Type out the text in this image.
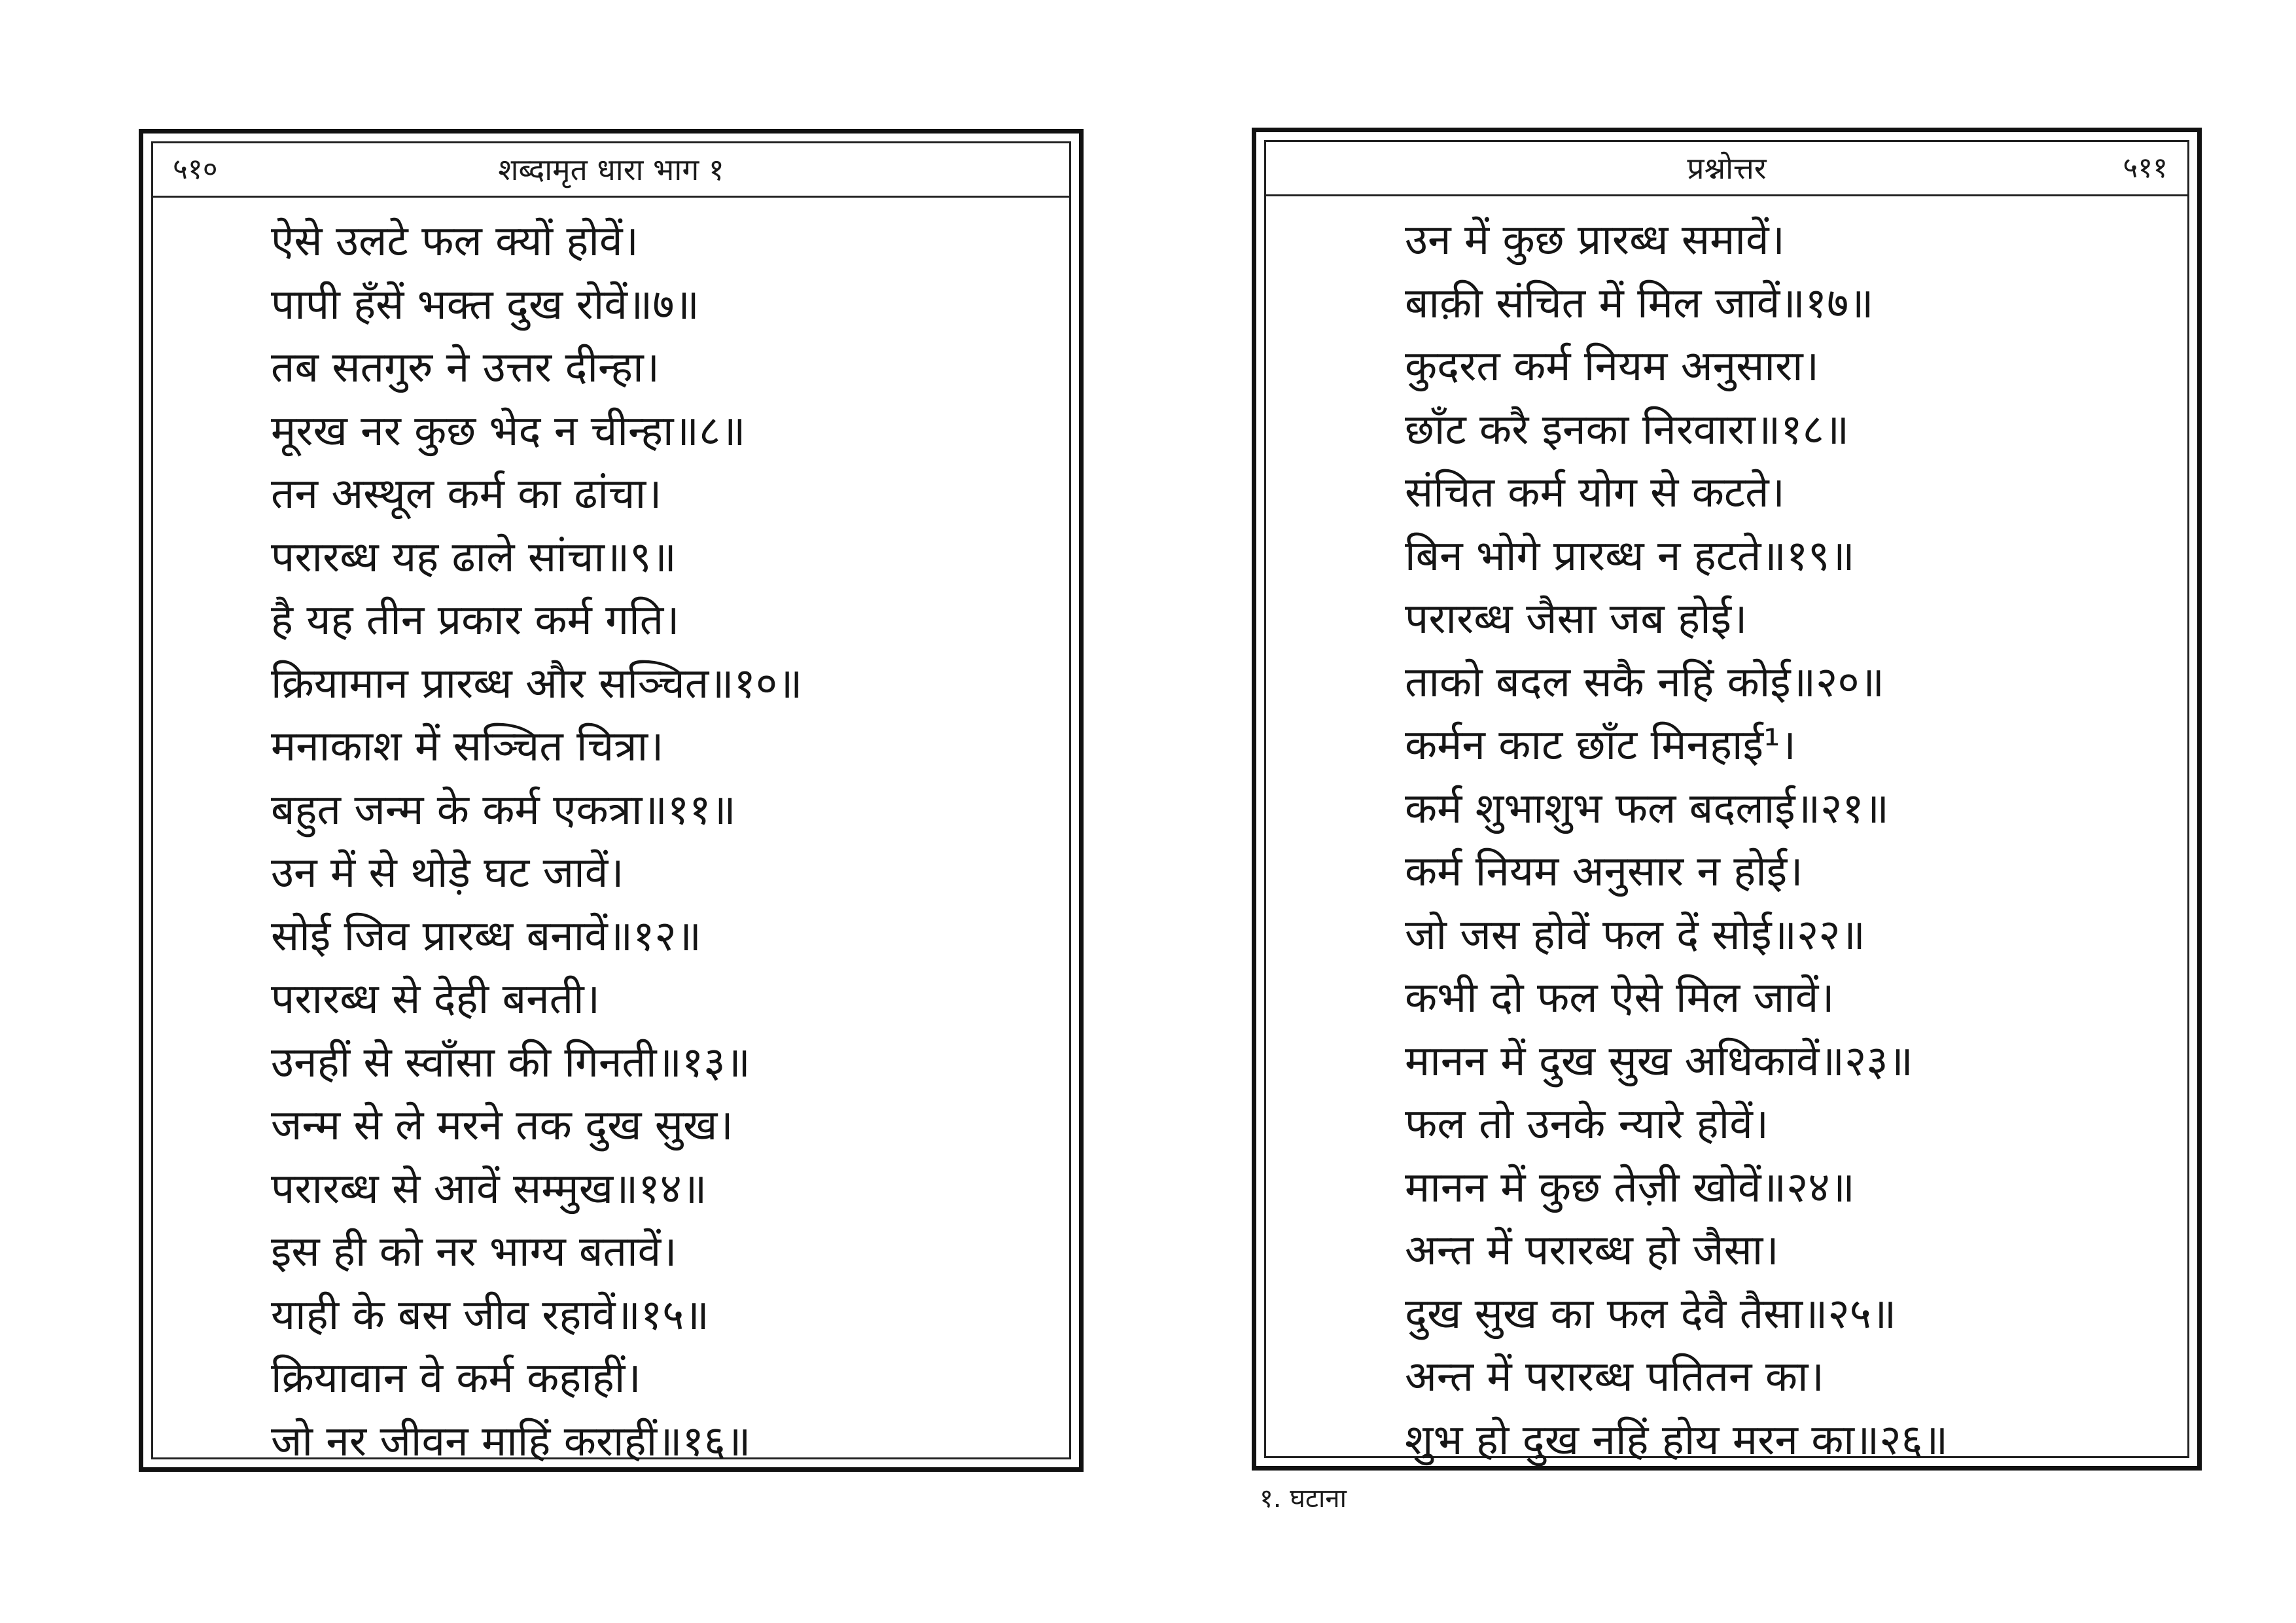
५१०	शब्दामृत धारा भाग १
ऐसे उलटे फल क्यों होवें।
पापी हँसें भक्त दुख रोवें॥७॥
तब सतगुरु ने उत्तर दीन्हा।
मूरख नर कुछ भेद न चीन्हा॥८॥
तन अस्थूल कर्म का ढांचा।
परारब्ध यह ढाले सांचा॥९॥
है यह तीन प्रकार कर्म गति।
क्रियामान प्रारब्ध और सञ्चित॥१०॥
मनाकाश में सञ्चित चित्रा।
बहुत जन्म के कर्म एकत्रा॥११॥
उन में से थोड़े घट जावें।
सोई जिव प्रारब्ध बनावें॥१२॥
परारब्ध से देही बनती।
उनहीं से स्वाँसा की गिनती॥१३॥
जन्म से ले मरने तक दुख सुख।
परारब्ध से आवें सम्मुख॥१४॥
इस ही को नर भाग्य बतावें।
याही के बस जीव रहावें॥१५॥
क्रियावान वे कर्म कहाहीं।
जो नर जीवन माहिं कराहीं॥१६॥
प्रश्नोत्तर	५११
उन में कुछ प्रारब्ध समावें।
बाक़ी संचित में मिल जावें॥१७॥
कुदरत कर्म नियम अनुसारा।
छाँट करै इनका निरवारा॥१८॥
संचित कर्म योग से कटते।
बिन भोगे प्रारब्ध न हटते॥१९॥
परारब्ध जैसा जब होई।
ताको बदल सकै नहिं कोई॥२०॥
कर्मन काट छाँट मिनहाई¹।
कर्म शुभाशुभ फल बदलाई॥२१॥
कर्म नियम अनुसार न होई।
जो जस होवें फल दें सोई॥२२॥
कभी दो फल ऐसे मिल जावें।
मानन में दुख सुख अधिकावें॥२३॥
फल तो उनके न्यारे होवें।
मानन में कुछ तेज़ी खोवें॥२४॥
अन्त में परारब्ध हो जैसा।
दुख सुख का फल देवै तैसा॥२५॥
अन्त में परारब्ध पतितन का।
शुभ हो दुख नहिं होय मरन का॥२६॥
१. घटाना
